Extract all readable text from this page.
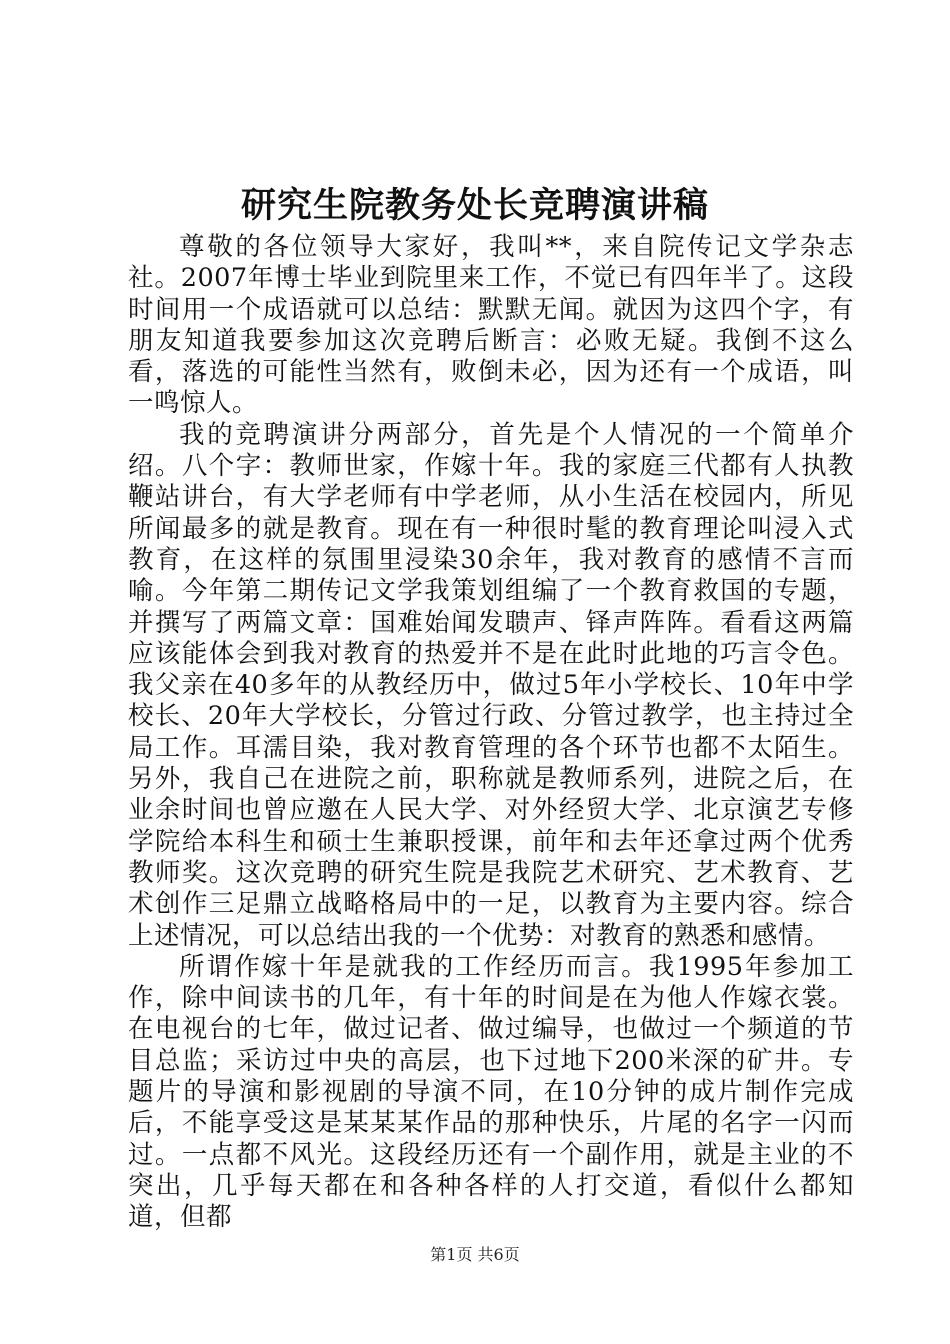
研究生院教务处长竞聘演讲稿

尊敬的各位领导大家好，我叫**，来自院传记文学杂志社。2007年博士毕业到院里来工作，不觉已有四年半了。这段时间用一个成语就可以总结：默默无闻。就因为这四个字，有朋友知道我要参加这次竞聘后断言：必败无疑。我倒不这么看，落选的可能性当然有，败倒未必，因为还有一个成语，叫一鸣惊人。

我的竞聘演讲分两部分，首先是个人情况的一个简单介绍。八个字：教师世家，作嫁十年。我的家庭三代都有人执教鞭站讲台，有大学老师有中学老师，从小生活在校园内，所见所闻最多的就是教育。现在有一种很时髦的教育理论叫浸入式教育，在这样的氛围里浸染30余年，我对教育的感情不言而喻。今年第二期传记文学我策划组编了一个教育救国的专题，并撰写了两篇文章：国难始闻发聩声、铎声阵阵。看看这两篇应该能体会到我对教育的热爱并不是在此时此地的巧言令色。我父亲在40多年的从教经历中，做过5年小学校长、10年中学校长、20年大学校长，分管过行政、分管过教学，也主持过全局工作。耳濡目染，我对教育管理的各个环节也都不太陌生。另外，我自己在进院之前，职称就是教师系列，进院之后，在业余时间也曾应邀在人民大学、对外经贸大学、北京演艺专修学院给本科生和硕士生兼职授课，前年和去年还拿过两个优秀教师奖。这次竞聘的研究生院是我院艺术研究、艺术教育、艺术创作三足鼎立战略格局中的一足，以教育为主要内容。综合上述情况，可以总结出我的一个优势：对教育的熟悉和感情。

所谓作嫁十年是就我的工作经历而言。我1995年参加工作，除中间读书的几年，有十年的时间是在为他人作嫁衣裳。在电视台的七年，做过记者、做过编导，也做过一个频道的节目总监；采访过中央的高层，也下过地下200米深的矿井。专题片的导演和影视剧的导演不同，在10分钟的成片制作完成后，不能享受这是某某某作品的那种快乐，片尾的名字一闪而过。一点都不风光。这段经历还有一个副作用，就是主业的不突出，几乎每天都在和各种各样的人打交道，看似什么都知道，但都

第1页 共6页
